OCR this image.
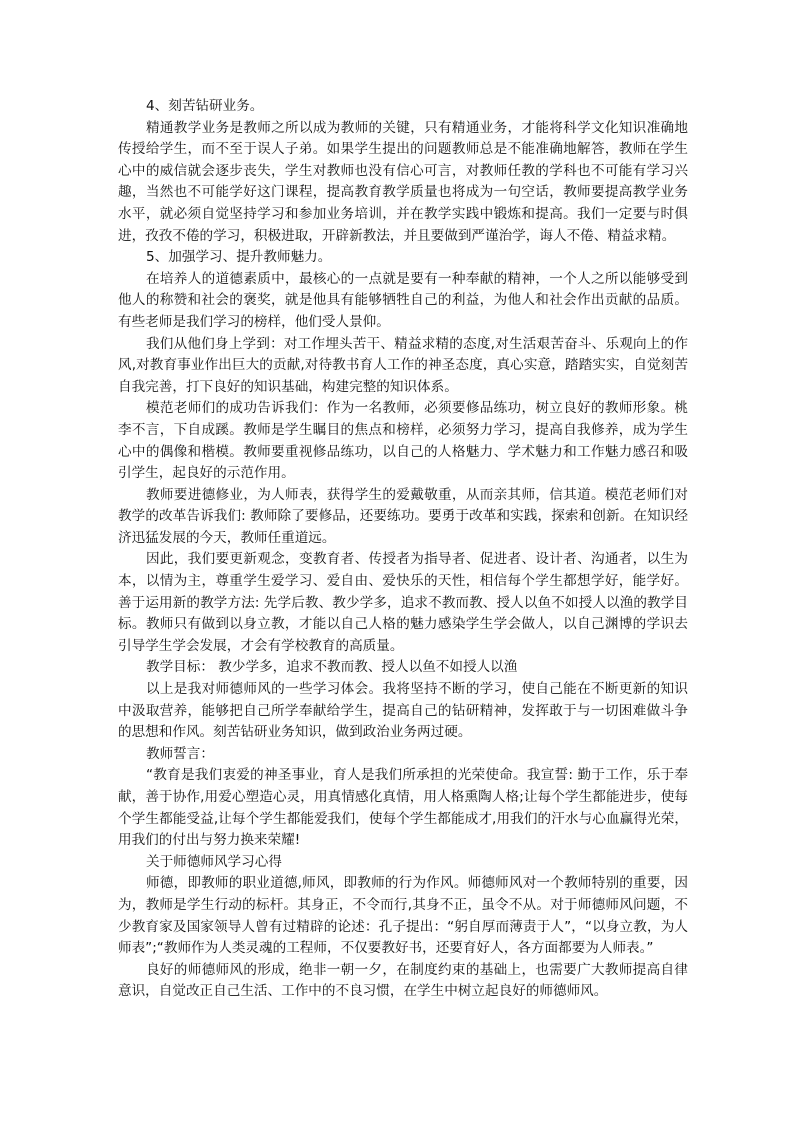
4、刻苦钻研业务。

精通教学业务是教师之所以成为教师的关键，只有精通业务，才能将科学文化知识准确地传授给学生，而不至于误人子弟。如果学生提出的问题教师总是不能准确地解答，教师在学生心中的威信就会逐步丧失，学生对教师也没有信心可言，对教师任教的学科也不可能有学习兴趣，当然也不可能学好这门课程，提高教育教学质量也将成为一句空话，教师要提高教学业务水平，就必须自觉坚持学习和参加业务培训，并在教学实践中锻炼和提高。我们一定要与时俱进，孜孜不倦的学习，积极进取，开辟新教法，并且要做到严谨治学，诲人不倦、精益求精。

5、加强学习、提升教师魅力。

在培养人的道德素质中，最核心的一点就是要有一种奉献的精神，一个人之所以能够受到他人的称赞和社会的褒奖，就是他具有能够牺牲自己的利益，为他人和社会作出贡献的品质。有些老师是我们学习的榜样，他们受人景仰。

我们从他们身上学到：对工作埋头苦干、精益求精的态度,对生活艰苦奋斗、乐观向上的作风,对教育事业作出巨大的贡献,对待教书育人工作的神圣态度，真心实意，踏踏实实，自觉刻苦自我完善，打下良好的知识基础，构建完整的知识体系。

模范老师们的成功告诉我们：作为一名教师，必须要修品练功，树立良好的教师形象。桃李不言，下自成蹊。教师是学生瞩目的焦点和榜样，必须努力学习，提高自我修养，成为学生心中的偶像和楷模。教师要重视修品练功，以自己的人格魅力、学术魅力和工作魅力感召和吸引学生，起良好的示范作用。

教师要进德修业，为人师表，获得学生的爱戴敬重，从而亲其师，信其道。模范老师们对教学的改革告诉我们: 教师除了要修品，还要练功。要勇于改革和实践，探索和创新。在知识经济迅猛发展的今天，教师任重道远。

因此，我们要更新观念，变教育者、传授者为指导者、促进者、设计者、沟通者，以生为本，以情为主，尊重学生爱学习、爱自由、爱快乐的天性，相信每个学生都想学好，能学好。善于运用新的教学方法: 先学后教、教少学多，追求不教而教、授人以鱼不如授人以渔的教学目标。教师只有做到以身立教，才能以自己人格的魅力感染学生学会做人，以自己渊博的学识去引导学生学会发展，才会有学校教育的高质量。

教学目标： 教少学多，追求不教而教、授人以鱼不如授人以渔

以上是我对师德师风的一些学习体会。我将坚持不断的学习，使自己能在不断更新的知识中汲取营养，能够把自己所学奉献给学生，提高自己的钻研精神，发挥敢于与一切困难做斗争的思想和作风。刻苦钻研业务知识，做到政治业务两过硬。

教师誓言：

“教育是我们衷爱的神圣事业，育人是我们所承担的光荣使命。我宣誓: 勤于工作，乐于奉献，善于协作,用爱心塑造心灵，用真情感化真情，用人格熏陶人格;让每个学生都能进步，使每个学生都能受益,让每个学生都能爱我们，使每个学生都能成才,用我们的汗水与心血赢得光荣，用我们的付出与努力换来荣耀!

关于师德师风学习心得

师德，即教师的职业道德,师风，即教师的行为作风。师德师风对一个教师特别的重要，因为，教师是学生行动的标杆。其身正，不令而行,其身不正，虽令不从。对于师德师风问题，不少教育家及国家领导人曾有过精辟的论述：孔子提出：“躬自厚而薄责于人”，“以身立教，为人师表”;“教师作为人类灵魂的工程师，不仅要教好书，还要育好人，各方面都要为人师表。”

良好的师德师风的形成，绝非一朝一夕，在制度约束的基础上，也需要广大教师提高自律意识，自觉改正自己生活、工作中的不良习惯，在学生中树立起良好的师德师风。
